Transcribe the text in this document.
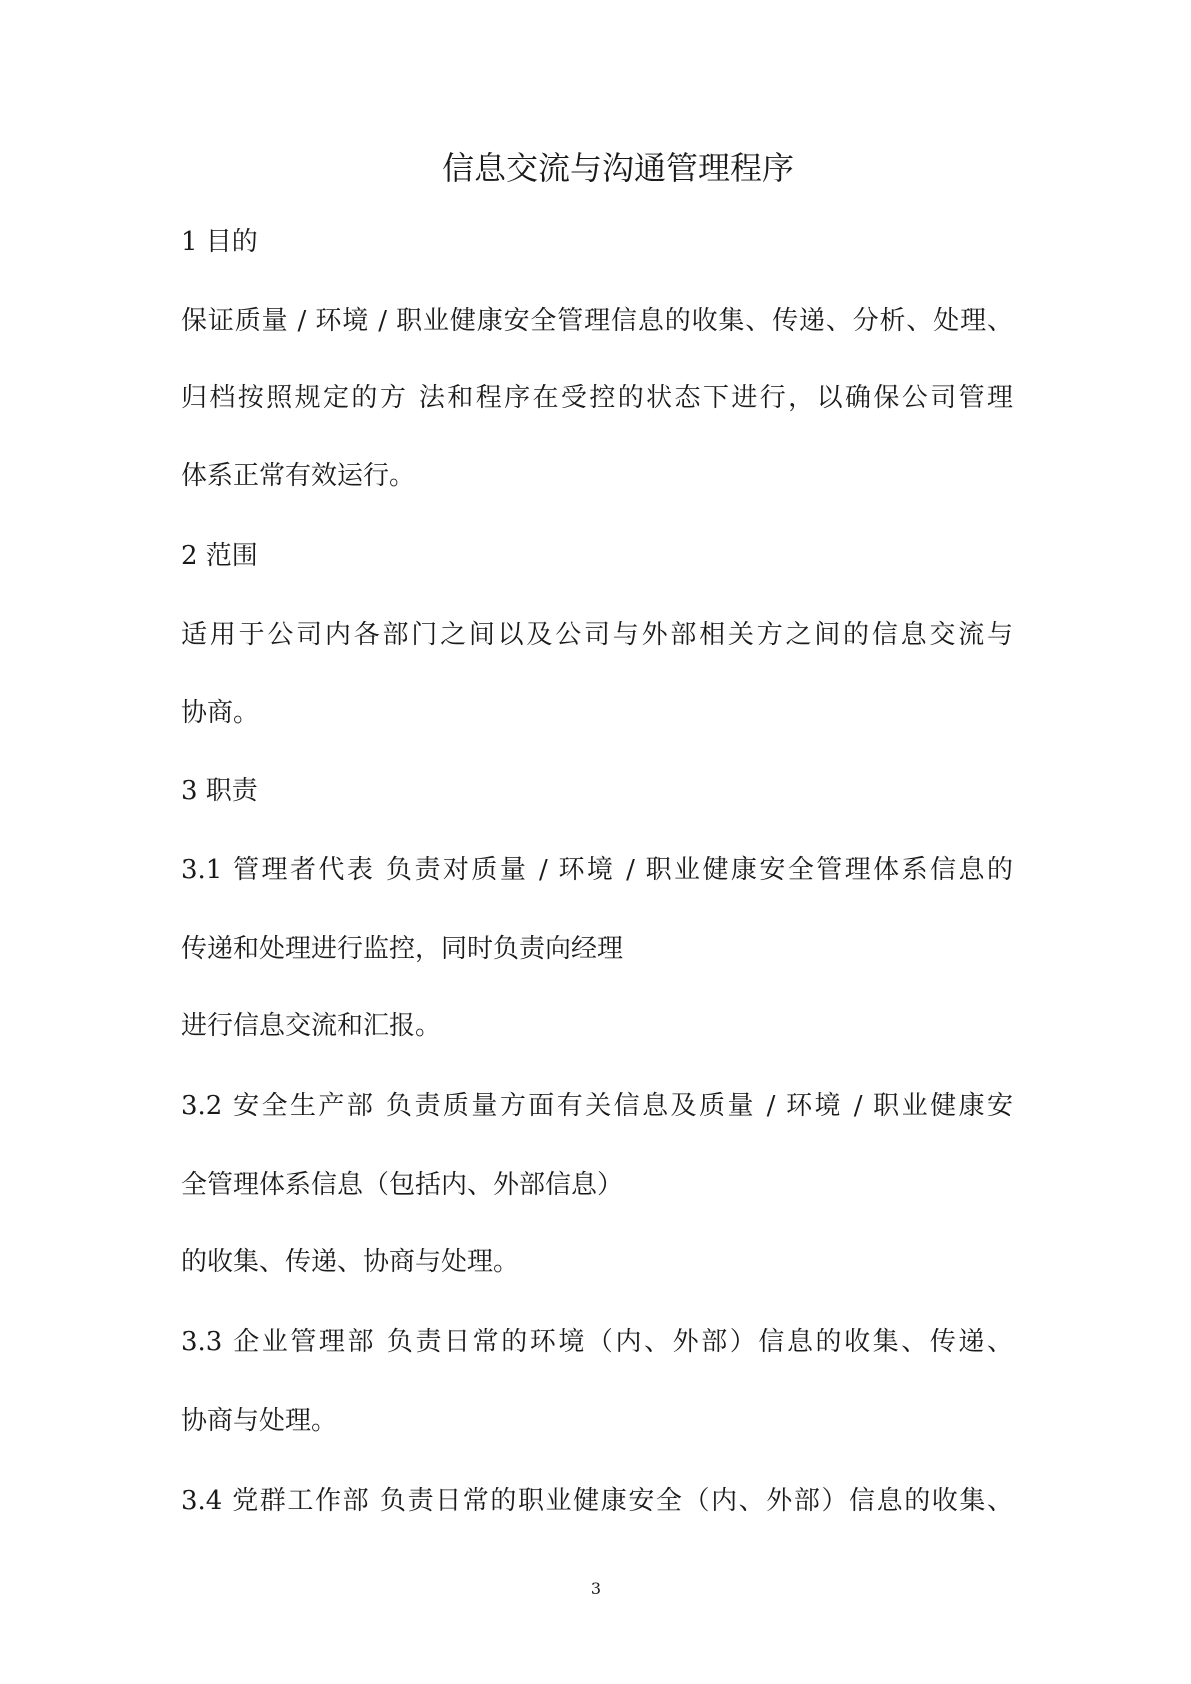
信息交流与沟通管理程序
1 目的
保证质量 / 环境 / 职业健康安全管理信息的收集、传递、分析、处理、
归档按照规定的方 法和程序在受控的状态下进行，以确保公司管理
体系正常有效运行。
2 范围
适用于公司内各部门之间以及公司与外部相关方之间的信息交流与
协商。
3 职责
3.1 管理者代表 负责对质量 / 环境 / 职业健康安全管理体系信息的
传递和处理进行监控，同时负责向经理
进行信息交流和汇报。
3.2 安全生产部 负责质量方面有关信息及质量 / 环境 / 职业健康安
全管理体系信息（包括内、外部信息）
的收集、传递、协商与处理。
3.3 企业管理部 负责日常的环境（内、外部）信息的收集、传递、
协商与处理。
3.4 党群工作部 负责日常的职业健康安全（内、外部）信息的收集、
3
